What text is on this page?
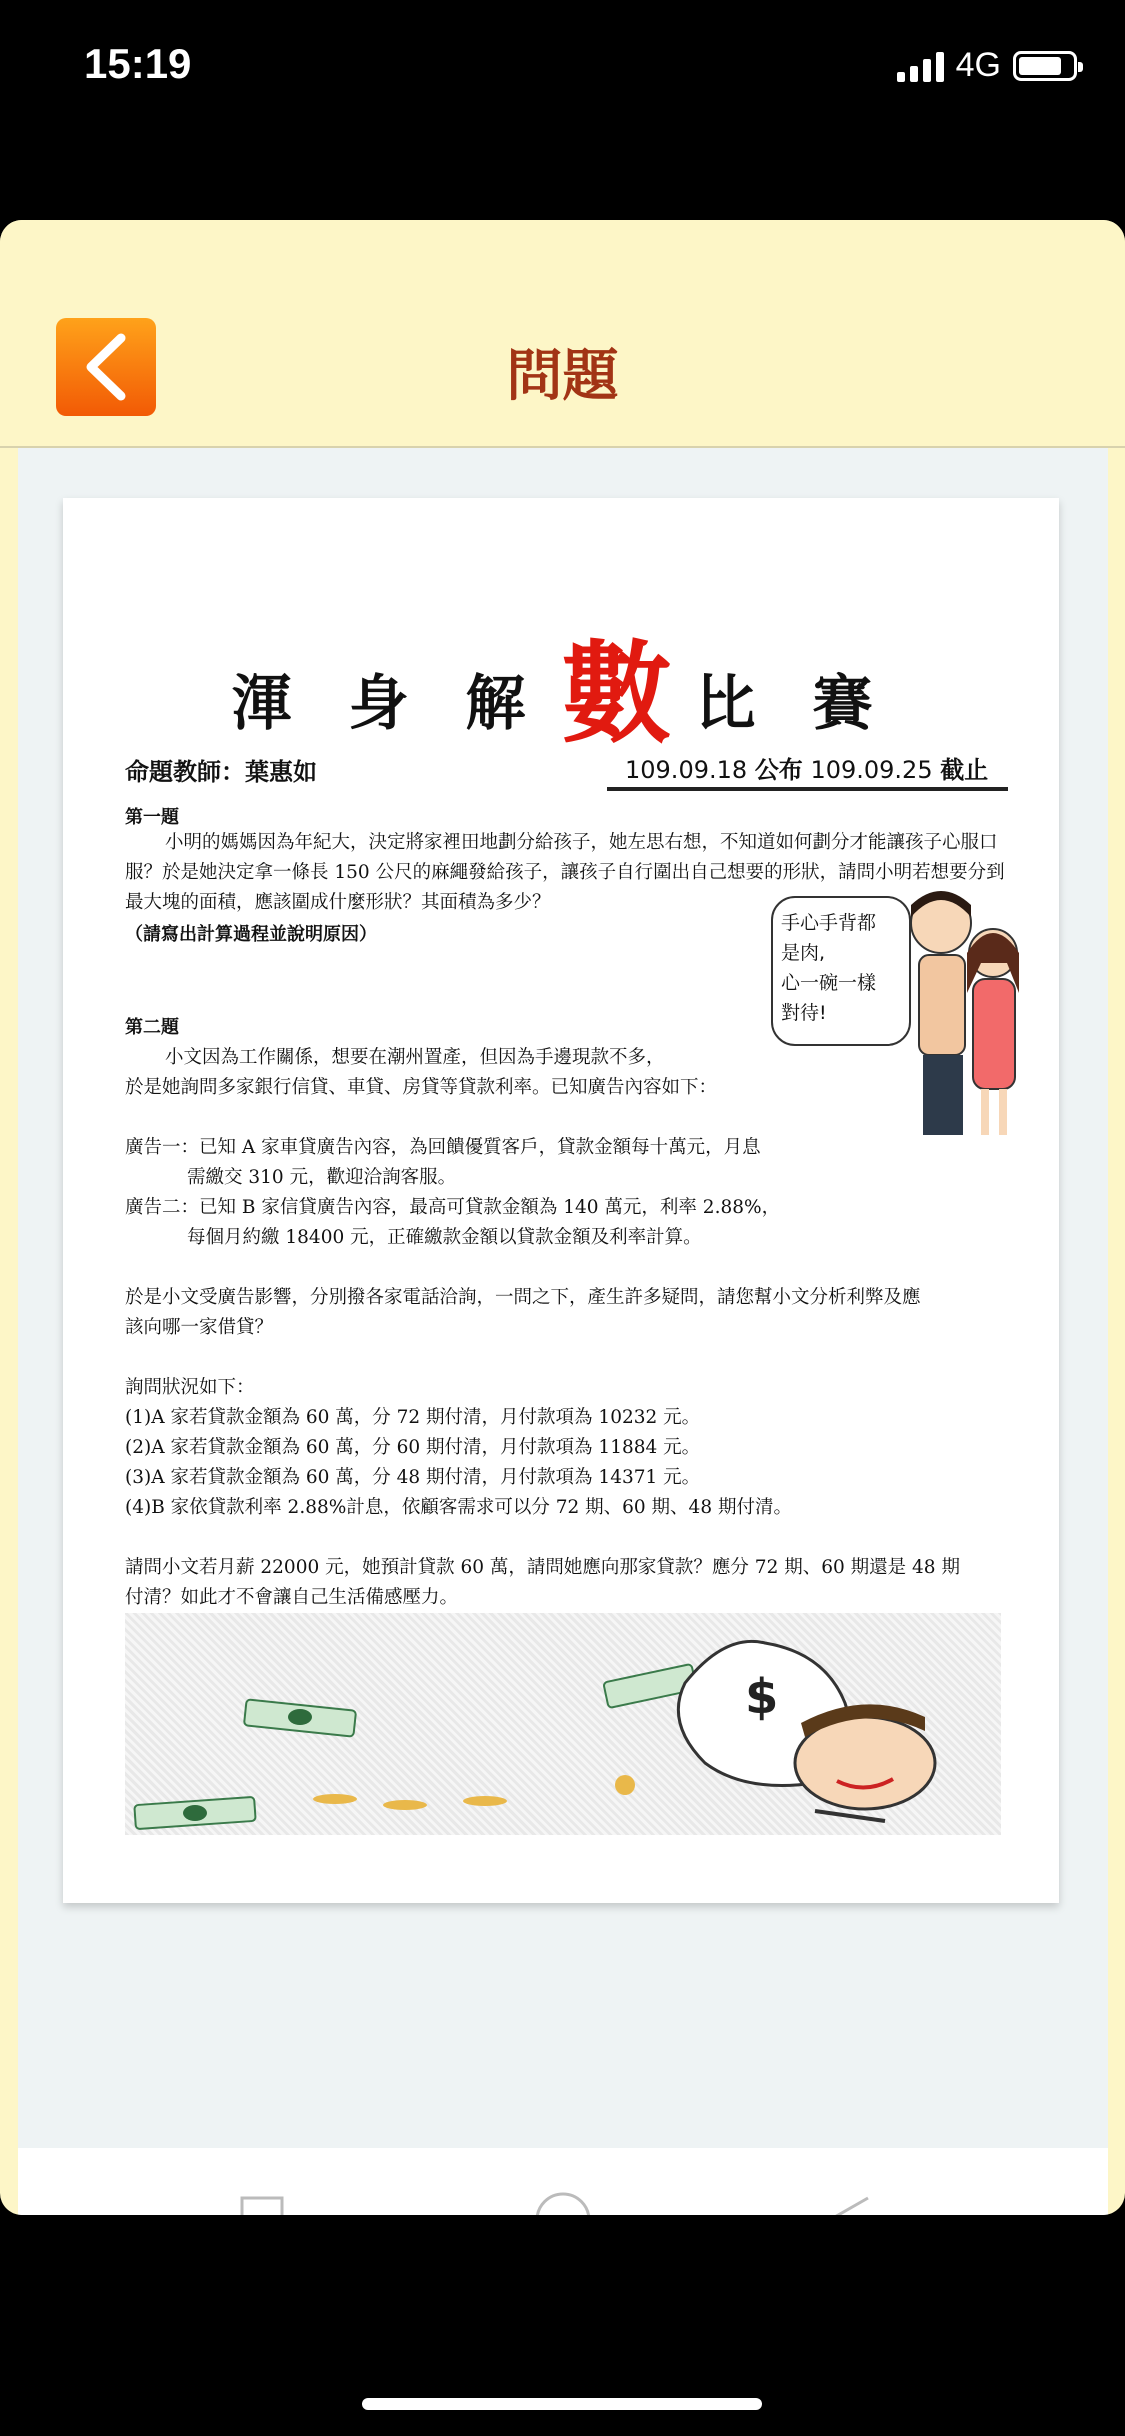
15:19	4G
問題
渾 身 解 數 比 賽
命題教師：葉惠如	109.09.18 公布 109.09.25 截止
第一題
小明的媽媽因為年紀大，決定將家裡田地劃分給孩子，她左思右想，不知道如何劃分才能讓孩子心服口服？於是她決定拿一條長 150 公尺的麻繩發給孩子，讓孩子自行圍出自己想要的形狀，請問小明若想要分到最大塊的面積，應該圍成什麼形狀？其面積為多少？
（請寫出計算過程並說明原因）
手心手背都
是肉,
心一碗一樣
對待!
第二題
小文因為工作關係，想要在潮州置產，但因為手邊現款不多，
於是她詢問多家銀行信貸、車貸、房貸等貸款利率。已知廣告內容如下：
廣告一：已知 A 家車貸廣告內容，為回饋優質客戶，貸款金額每十萬元，月息
需繳交 310 元，歡迎洽詢客服。
廣告二：已知 B 家信貸廣告內容，最高可貸款金額為 140 萬元，利率 2.88%，
每個月約繳 18400 元，正確繳款金額以貸款金額及利率計算。
於是小文受廣告影響，分別撥各家電話洽詢，一問之下，產生許多疑問，請您幫小文分析利弊及應
該向哪一家借貸？
詢問狀況如下：
(1)A 家若貸款金額為 60 萬，分 72 期付清，月付款項為 10232 元。
(2)A 家若貸款金額為 60 萬，分 60 期付清，月付款項為 11884 元。
(3)A 家若貸款金額為 60 萬，分 48 期付清，月付款項為 14371 元。
(4)B 家依貸款利率 2.88%計息，依顧客需求可以分 72 期、60 期、48 期付清。
請問小文若月薪 22000 元，她預計貸款 60 萬，請問她應向那家貸款？應分 72 期、60 期還是 48 期
付清？如此才不會讓自己生活備感壓力。
$
